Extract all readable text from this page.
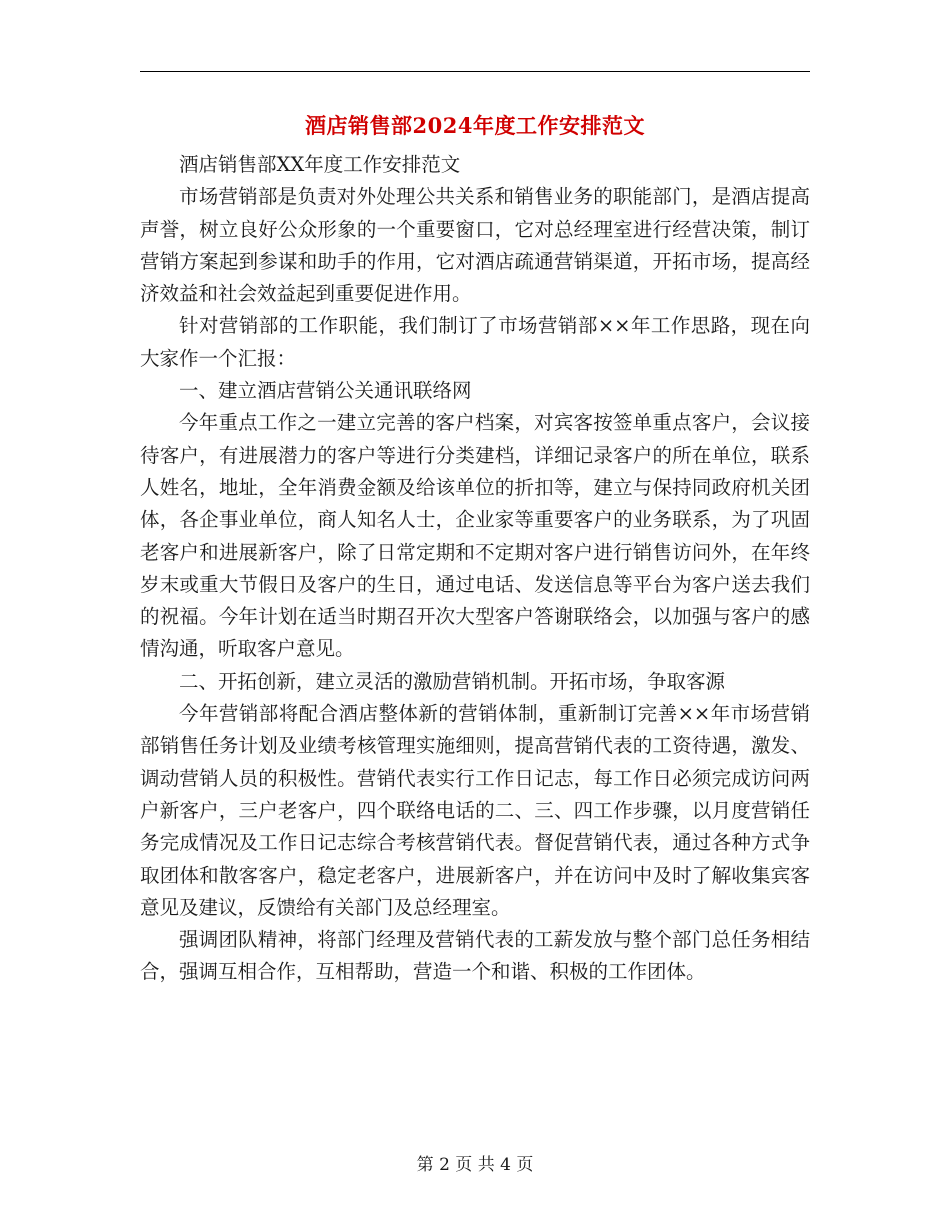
酒店销售部2024年度工作安排范文

酒店销售部XX年度工作安排范文

市场营销部是负责对外处理公共关系和销售业务的职能部门，是酒店提高声誉，树立良好公众形象的一个重要窗口，它对总经理室进行经营决策，制订营销方案起到参谋和助手的作用，它对酒店疏通营销渠道，开拓市场，提高经济效益和社会效益起到重要促进作用。

针对营销部的工作职能，我们制订了市场营销部××年工作思路，现在向大家作一个汇报：

一、建立酒店营销公关通讯联络网

今年重点工作之一建立完善的客户档案，对宾客按签单重点客户，会议接待客户，有进展潜力的客户等进行分类建档，详细记录客户的所在单位，联系人姓名，地址，全年消费金额及给该单位的折扣等，建立与保持同政府机关团体，各企事业单位，商人知名人士，企业家等重要客户的业务联系，为了巩固老客户和进展新客户，除了日常定期和不定期对客户进行销售访问外，在年终岁末或重大节假日及客户的生日，通过电话、发送信息等平台为客户送去我们的祝福。今年计划在适当时期召开次大型客户答谢联络会，以加强与客户的感情沟通，听取客户意见。

二、开拓创新，建立灵活的激励营销机制。开拓市场，争取客源

今年营销部将配合酒店整体新的营销体制，重新制订完善××年市场营销部销售任务计划及业绩考核管理实施细则，提高营销代表的工资待遇，激发、调动营销人员的积极性。营销代表实行工作日记志，每工作日必须完成访问两户新客户，三户老客户，四个联络电话的二、三、四工作步骤，以月度营销任务完成情况及工作日记志综合考核营销代表。督促营销代表，通过各种方式争取团体和散客客户，稳定老客户，进展新客户，并在访问中及时了解收集宾客意见及建议，反馈给有关部门及总经理室。

强调团队精神，将部门经理及营销代表的工薪发放与整个部门总任务相结合，强调互相合作，互相帮助，营造一个和谐、积极的工作团体。

第 2 页 共 4 页
